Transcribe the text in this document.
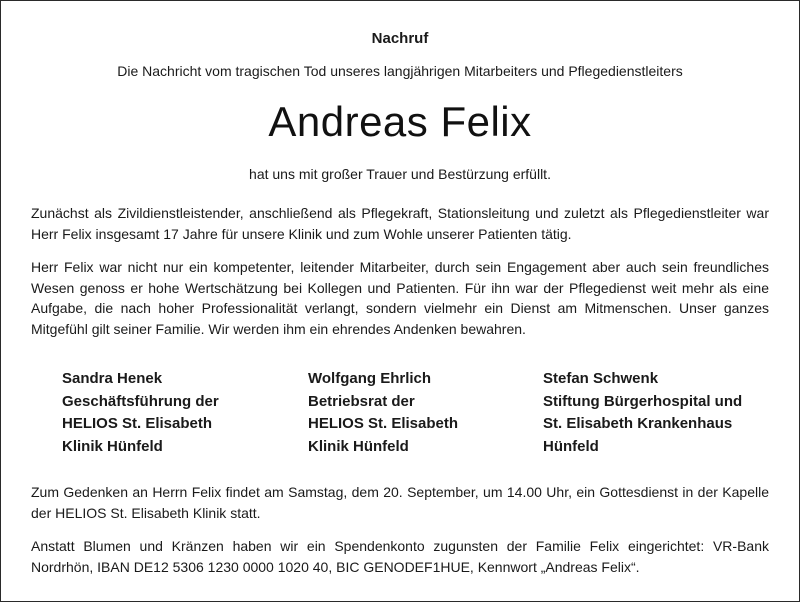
Nachruf
Die Nachricht vom tragischen Tod unseres langjährigen Mitarbeiters und Pflegedienstleiters
Andreas Felix
hat uns mit großer Trauer und Bestürzung erfüllt.
Zunächst als Zivildienstleistender, anschließend als Pflegekraft, Stationsleitung und zuletzt als Pflegedienstleiter war Herr Felix insgesamt 17 Jahre für unsere Klinik und zum Wohle unserer Patienten tätig.
Herr Felix war nicht nur ein kompetenter, leitender Mitarbeiter, durch sein Engagement aber auch sein freundliches Wesen genoss er hohe Wertschätzung bei Kollegen und Patienten. Für ihn war der Pflegedienst weit mehr als eine Aufgabe, die nach hoher Professionalität verlangt, sondern vielmehr ein Dienst am Mitmenschen. Unser ganzes Mitgefühl gilt seiner Familie. Wir werden ihm ein ehrendes Andenken bewahren.
Sandra Henek
Geschäftsführung der
HELIOS St. Elisabeth
Klinik Hünfeld
Wolfgang Ehrlich
Betriebsrat der
HELIOS St. Elisabeth
Klinik Hünfeld
Stefan Schwenk
Stiftung Bürgerhospital und
St. Elisabeth Krankenhaus
Hünfeld
Zum Gedenken an Herrn Felix findet am Samstag, dem 20. September, um 14.00 Uhr, ein Gottesdienst in der Kapelle der HELIOS St. Elisabeth Klinik statt.
Anstatt Blumen und Kränzen haben wir ein Spendenkonto zugunsten der Familie Felix eingerichtet: VR-Bank Nordrhön, IBAN DE12 5306 1230 0000 1020 40, BIC GENODEF1HUE, Kennwort „Andreas Felix“.
